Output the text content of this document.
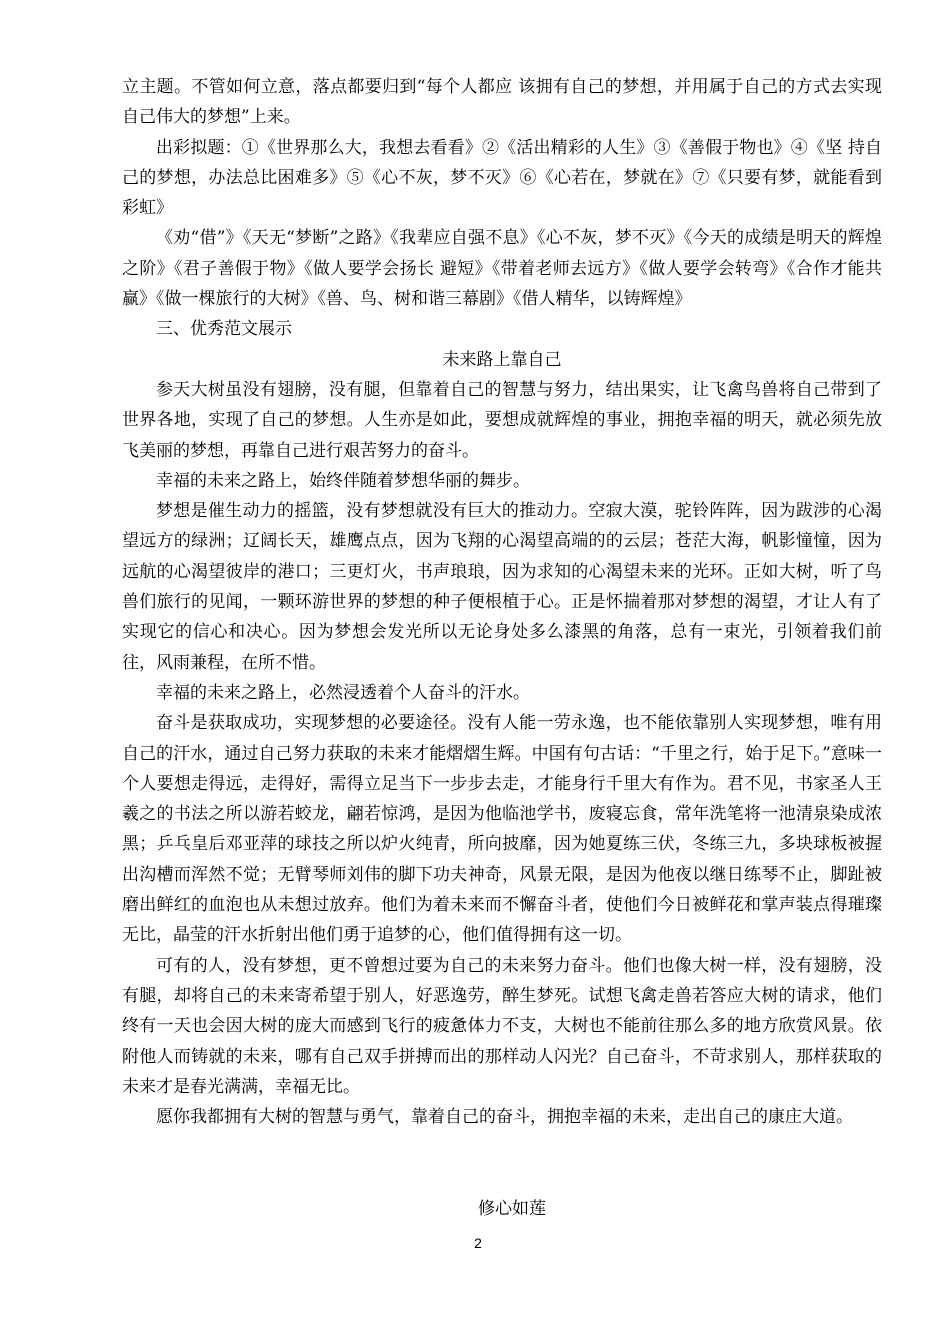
立主题。不管如何立意，落点都要归到“每个人都应 该拥有自己的梦想，并用属于自己的方式去实现自己伟大的梦想”上来。

出彩拟题：①《世界那么大，我想去看看》②《活出精彩的人生》③《善假于物也》④《坚 持自己的梦想，办法总比困难多》⑤《心不灰，梦不灭》⑥《心若在，梦就在》⑦《只要有梦，就能看到彩虹》

《劝“借”》《天无“梦断”之路》《我辈应自强不息》《心不灰，梦不灭》《今天的成绩是明天的辉煌之阶》《君子善假于物》《做人要学会扬长 避短》《带着老师去远方》《做人要学会转弯》《合作才能共赢》《做一棵旅行的大树》《兽、鸟、树和谐三幕剧》《借人精华，以铸辉煌》

三、优秀范文展示

未来路上靠自己

参天大树虽没有翅膀，没有腿，但靠着自己的智慧与努力，结出果实，让飞禽鸟兽将自己带到了世界各地，实现了自己的梦想。人生亦是如此，要想成就辉煌的事业，拥抱幸福的明天，就必须先放飞美丽的梦想，再靠自己进行艰苦努力的奋斗。

幸福的未来之路上，始终伴随着梦想华丽的舞步。

梦想是催生动力的摇篮，没有梦想就没有巨大的推动力。空寂大漠，驼铃阵阵，因为跋涉的心渴望远方的绿洲；辽阔长天，雄鹰点点，因为飞翔的心渴望高端的的云层；苍茫大海，帆影憧憧，因为远航的心渴望彼岸的港口；三更灯火，书声琅琅，因为求知的心渴望未来的光环。正如大树，听了鸟兽们旅行的见闻，一颗环游世界的梦想的种子便根植于心。正是怀揣着那对梦想的渴望，才让人有了实现它的信心和决心。因为梦想会发光所以无论身处多么漆黑的角落，总有一束光，引领着我们前往，风雨兼程，在所不惜。

幸福的未来之路上，必然浸透着个人奋斗的汗水。

奋斗是获取成功，实现梦想的必要途径。没有人能一劳永逸，也不能依靠别人实现梦想，唯有用自己的汗水，通过自己努力获取的未来才能熠熠生辉。中国有句古话：“千里之行，始于足下。”意味一个人要想走得远，走得好，需得立足当下一步步去走，才能身行千里大有作为。君不见，书家圣人王羲之的书法之所以游若蛟龙，翩若惊鸿，是因为他临池学书，废寝忘食，常年洗笔将一池清泉染成浓黑；乒乓皇后邓亚萍的球技之所以炉火纯青，所向披靡，因为她夏练三伏，冬练三九，多块球板被握出沟槽而浑然不觉；无臂琴师刘伟的脚下功夫神奇，风景无限，是因为他夜以继日练琴不止，脚趾被磨出鲜红的血泡也从未想过放弃。他们为着未来而不懈奋斗者，使他们今日被鲜花和掌声装点得璀璨无比，晶莹的汗水折射出他们勇于追梦的心，他们值得拥有这一切。

可有的人，没有梦想，更不曾想过要为自己的未来努力奋斗。他们也像大树一样，没有翅膀，没有腿，却将自己的未来寄希望于别人，好恶逸劳，醉生梦死。试想飞禽走兽若答应大树的请求，他们终有一天也会因大树的庞大而感到飞行的疲惫体力不支，大树也不能前往那么多的地方欣赏风景。依附他人而铸就的未来，哪有自己双手拼搏而出的那样动人闪光？自己奋斗，不苛求别人，那样获取的未来才是春光满满，幸福无比。

愿你我都拥有大树的智慧与勇气，靠着自己的奋斗，拥抱幸福的未来，走出自己的康庄大道。

修心如莲

2
